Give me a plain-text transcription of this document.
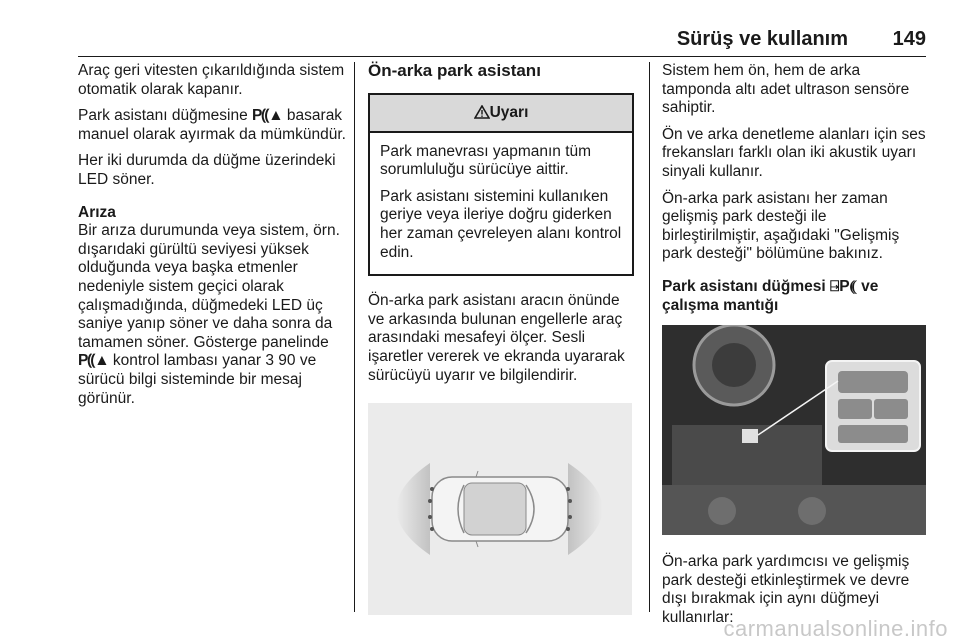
Sürüş ve kullanım 149

Araç geri vitesten çıkarıldığında sistem otomatik olarak kapanır.

Park asistanı düğmesine P⸨▲ basarak manuel olarak ayırmak da mümkündür.

Her iki durumda da düğme üzerindeki LED söner.

Arıza

Bir arıza durumunda veya sistem, örn. dışarıdaki gürültü seviyesi yüksek olduğunda veya başka etmenler nedeniyle sistem geçici olarak çalışmadığında, düğmedeki LED üç saniye yanıp söner ve daha sonra da tamamen söner. Gösterge panelinde P⸨▲ kontrol lambası yanar 3 90 ve sürücü bilgi sisteminde bir mesaj görünür.

Ön-arka park asistanı

Uyarı

Park manevrası yapmanın tüm sorumluluğu sürücüye aittir.

Park asistanı sistemini kullanıken geriye veya ileriye doğru giderken her zaman çevreleyen alanı kontrol edin.

Ön-arka park asistanı aracın önünde ve arkasında bulunan engellerle araç arasındaki mesafeyi ölçer. Sesli işaretler vererek ve ekranda uyararak sürücüyü uyarır ve bilgilendirir.

Sistem hem ön, hem de arka tamponda altı adet ultrason sensöre sahiptir.

Ön ve arka denetleme alanları için ses frekansları farklı olan iki akustik uyarı sinyali kullanır.

Ön-arka park asistanı her zaman gelişmiş park desteği ile birleştirilmiştir, aşağıdaki "Gelişmiş park desteği" bölümüne bakınız.

Park asistanı düğmesi ⍈P⸨ ve çalışma mantığı

Ön-arka park yardımcısı ve gelişmiş park desteği etkinleştirmek ve devre dışı bırakmak için aynı düğmeyi kullanırlar:

carmanualsonline.info
